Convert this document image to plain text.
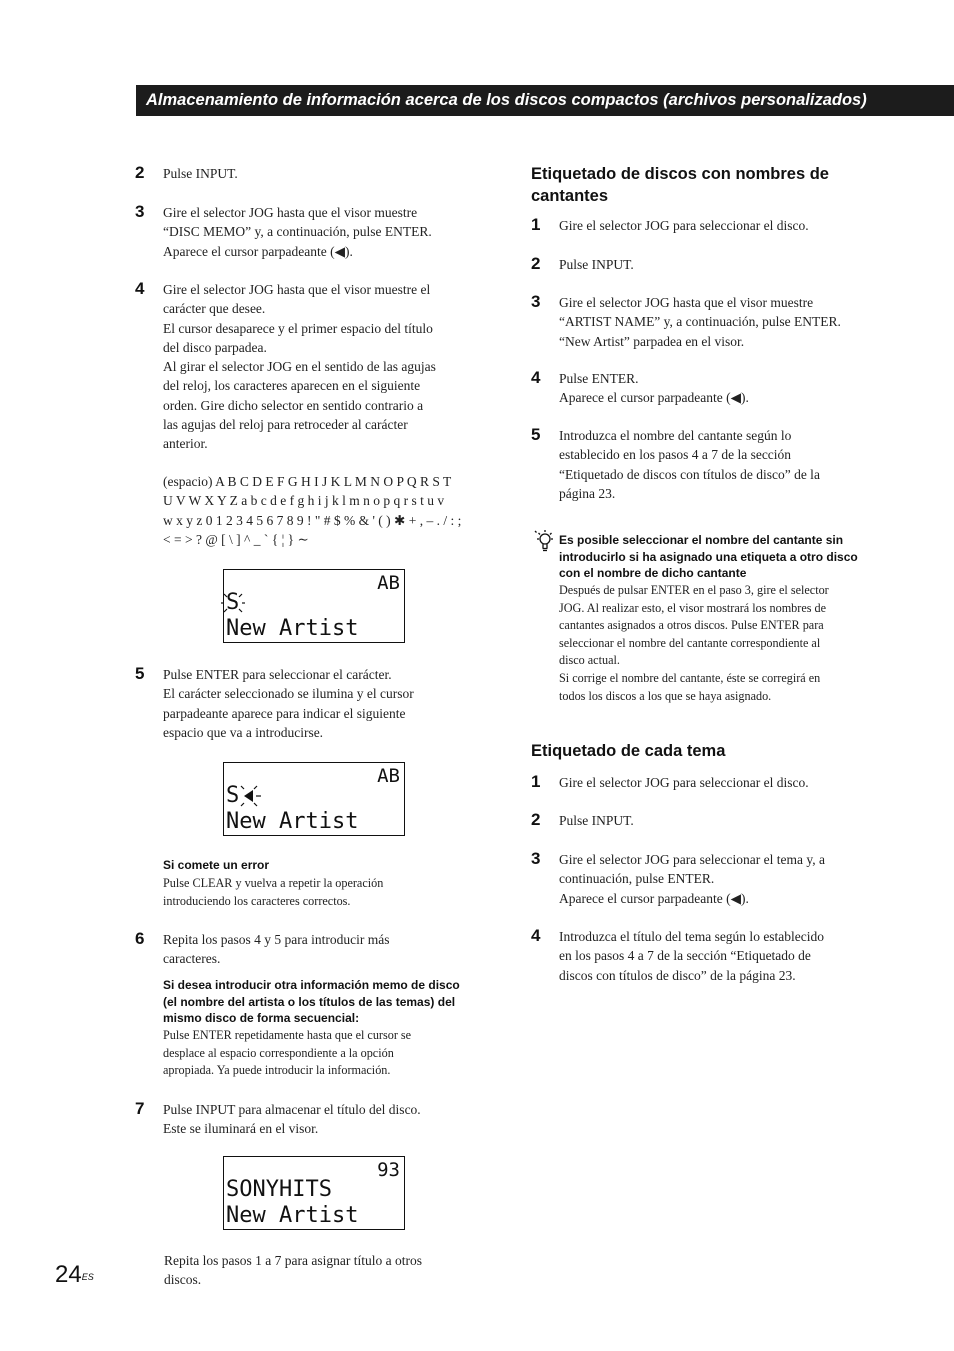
Almacenamiento de información acerca de los discos compactos (archivos personalizados)
2 Pulse INPUT.

3 Gire el selector JOG hasta que el visor muestre

“DISC MEMO” y, a continuación, pulse ENTER.

Aparece el cursor parpadeante (◀).

4 Gire el selector JOG hasta que el visor muestre el

carácter que desee.

El cursor desaparece y el primer espacio del título

del disco parpadea.

Al girar el selector JOG en el sentido de las agujas

del reloj, los caracteres aparecen en el siguiente

orden. Gire dicho selector en sentido contrario a

las agujas del reloj para retroceder al carácter

anterior.

(espacio) A B C D E F G H I J K L M N O P Q R S T

U V W X Y Z a b c d e f g h i j k l m n o p q r s t u v

w x y z 0 1 2 3 4 5 6 7 8 9 ! " # $ % & ' ( ) ✱ + , – . / : ;

< = > ? @ [ \ ] ^ _ ` { ¦ } ∼

AB
S
New Artist
5 Pulse ENTER para seleccionar el carácter.

El carácter seleccionado se ilumina y el cursor

parpadeante aparece para indicar el siguiente

espacio que va a introducirse.

AB
S
New Artist
Si comete un error

Pulse CLEAR y vuelva a repetir la operación

introduciendo los caracteres correctos.

6 Repita los pasos 4 y 5 para introducir más

caracteres.

Si desea introducir otra información memo de disco
(el nombre del artista o los títulos de las temas) del
mismo disco de forma secuencial:

Pulse ENTER repetidamente hasta que el cursor se

desplace al espacio correspondiente a la opción

apropiada. Ya puede introducir la información.

7 Pulse INPUT para almacenar el título del disco.

Este se iluminará en el visor.

93
SONYHITS
New Artist

Repita los pasos 1 a 7 para asignar título a otros

discos.

Etiquetado de discos con nombres de
cantantes
1 Gire el selector JOG para seleccionar el disco.

2 Pulse INPUT.

3 Gire el selector JOG hasta que el visor muestre

“ARTIST NAME” y, a continuación, pulse ENTER.

“New Artist” parpadea en el visor.

4 Pulse ENTER.

Aparece el cursor parpadeante (◀).

5 Introduzca el nombre del cantante según lo

establecido en los pasos 4 a 7 de la sección

“Etiquetado de discos con títulos de disco” de la

página 23.

Es posible seleccionar el nombre del cantante sin
introducirlo si ha asignado una etiqueta a otro disco
con el nombre de dicho cantante

Después de pulsar ENTER en el paso 3, gire el selector

JOG. Al realizar esto, el visor mostrará los nombres de

cantantes asignados a otros discos. Pulse ENTER para

seleccionar el nombre del cantante correspondiente al

disco actual.

Si corrige el nombre del cantante, éste se corregirá en

todos los discos a los que se haya asignado.

Etiquetado de cada tema
1 Gire el selector JOG para seleccionar el disco.

2 Pulse INPUT.

3 Gire el selector JOG para seleccionar el tema y, a

continuación, pulse ENTER.

Aparece el cursor parpadeante (◀).

4 Introduzca el título del tema según lo establecido

en los pasos 4 a 7 de la sección “Etiquetado de

discos con títulos de disco” de la página 23.

$24^{ES}$
